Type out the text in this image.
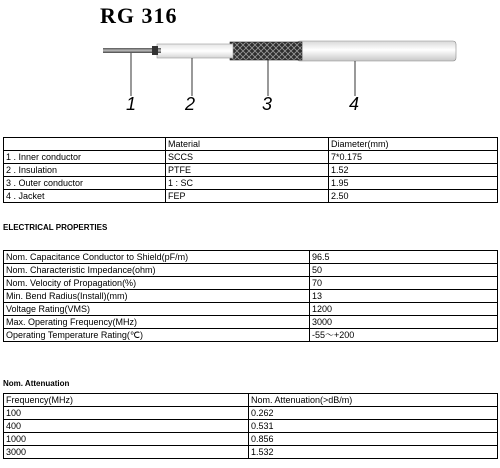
RG 316
1	2	3	4
	Material	Diameter(mm)
1 . Inner conductor	SCCS	7*0.175
2 . Insulation	PTFE	1.52
3 . Outer conductor	1 : SC	1.95
4 . Jacket	FEP	2.50
ELECTRICAL PROPERTIES
Nom. Capacitance Conductor to Shield(pF/m)	96.5
Nom. Characteristic Impedance(ohm)	50
Nom. Velocity of Propagation(%)	70
Min. Bend Radius(Install)(mm)	13
Voltage Rating(VMS)	1200
Max. Operating Frequency(MHz)	3000
Operating Temperature Rating(℃)	-55～+200
Nom. Attenuation
Frequency(MHz)	Nom. Attenuation(>dB/m)
100	0.262
400	0.531
1000	0.856
3000	1.532
